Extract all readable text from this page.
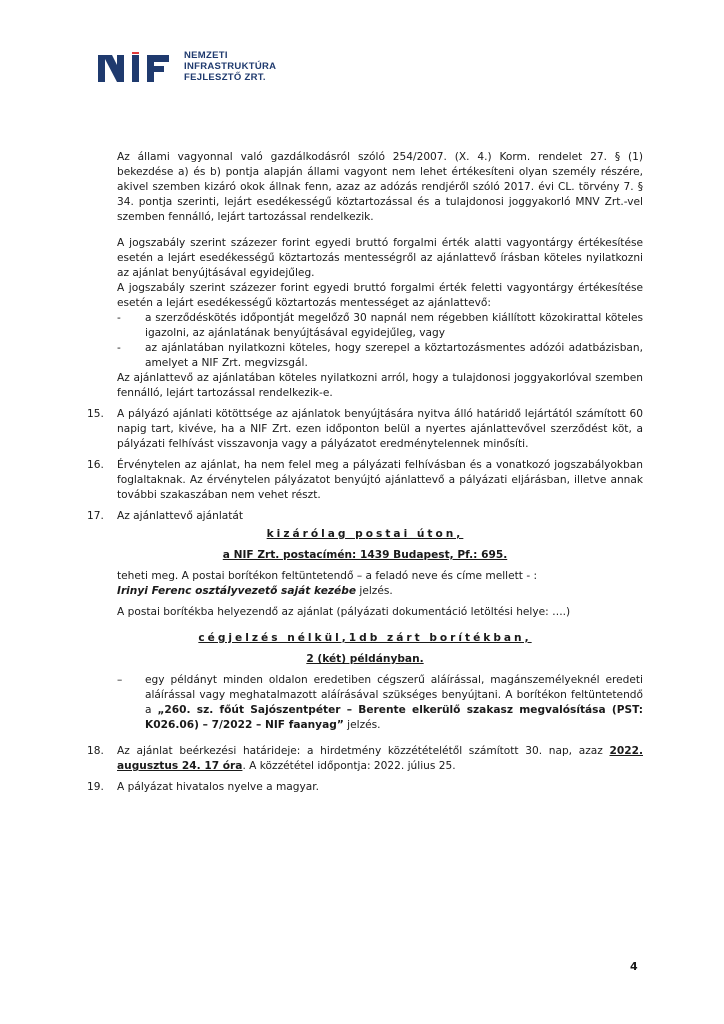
NEMZETI
INFRASTRUKTÚRA
FEJLESZTŐ ZRT.

Az állami vagyonnal való gazdálkodásról szóló 254/2007. (X. 4.) Korm. rendelet 27. § (1) bekezdése a) és b) pontja alapján állami vagyont nem lehet értékesíteni olyan személy részére, akivel szemben kizáró okok állnak fenn, azaz az adózás rendjéről szóló 2017. évi CL. törvény 7. § 34. pontja szerinti, lejárt esedékességű köztartozással és a tulajdonosi joggyakorló MNV Zrt.-vel szemben fennálló, lejárt tartozással rendelkezik.

A jogszabály szerint százezer forint egyedi bruttó forgalmi érték alatti vagyontárgy értékesítése esetén a lejárt esedékességű köztartozás mentességről az ajánlattevő írásban köteles nyilatkozni az ajánlat benyújtásával egyidejűleg.

A jogszabály szerint százezer forint egyedi bruttó forgalmi érték feletti vagyontárgy értékesítése esetén a lejárt esedékességű köztartozás mentességet az ajánlattevő:

- a szerződéskötés időpontját megelőző 30 napnál nem régebben kiállított közokirattal köteles igazolni, az ajánlatának benyújtásával egyidejűleg, vagy
- az ajánlatában nyilatkozni köteles, hogy szerepel a köztartozásmentes adózói adatbázisban, amelyet a NIF Zrt. megvizsgál.

Az ajánlattevő az ajánlatában köteles nyilatkozni arról, hogy a tulajdonosi joggyakorlóval szemben fennálló, lejárt tartozással rendelkezik-e.

15. A pályázó ajánlati kötöttsége az ajánlatok benyújtására nyitva álló határidő lejártától számított 60 napig tart, kivéve, ha a NIF Zrt. ezen időponton belül a nyertes ajánlattevővel szerződést köt, a pályázati felhívást visszavonja vagy a pályázatot eredménytelennek minősíti.
16. Érvénytelen az ajánlat, ha nem felel meg a pályázati felhívásban és a vonatkozó jogszabályokban foglaltaknak. Az érvénytelen pályázatot benyújtó ajánlattevő a pályázati eljárásban, illetve annak további szakaszában nem vehet részt.
17. Az ajánlattevő ajánlatát

kizárólag postai úton,

a NIF Zrt. postacímén: 1439 Budapest, Pf.: 695.

teheti meg. A postai borítékon feltüntetendő – a feladó neve és címe mellett - :
Irinyi Ferenc osztályvezető saját kezébe jelzés.

A postai borítékba helyezendő az ajánlat (pályázati dokumentáció letöltési helye: ….)

cégjelzés nélkül,1db zárt borítékban,

2 (két) példányban.

– egy példányt minden oldalon eredetiben cégszerű aláírással, magánszemélyeknél eredeti aláírással vagy meghatalmazott aláírásával szükséges benyújtani. A borítékon feltüntetendő a „260. sz. főút Sajószentpéter – Berente elkerülő szakasz megvalósítása (PST: K026.06) – 7/2022 – NIF faanyag” jelzés.
18. Az ajánlat beérkezési határideje: a hirdetmény közzétételétől számított 30. nap, azaz 2022. augusztus 24. 17 óra. A közzététel időpontja: 2022. július 25.
19. A pályázat hivatalos nyelve a magyar.
4
